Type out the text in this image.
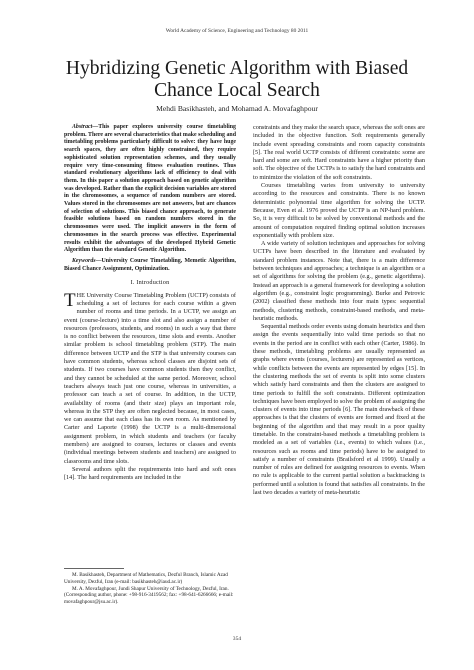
World Academy of Science, Engineering and Technology 80 2011
Hybridizing Genetic Algorithm with Biased
Chance Local Search
Mehdi Basikhasteh, and Mohamad A. Movafaghpour

Abstract—This paper explores university course timetabling problem. There are several characteristics that make scheduling and timetabling problems particularly difficult to solve: they have huge search spaces, they are often highly constrained, they require sophisticated solution representation schemes, and they usually require very time-consuming fitness evaluation routines. Thus standard evolutionary algorithms lack of efficiency to deal with them. In this paper a solution approach based on genetic algorithm was developed. Rather than the explicit decision variables are stored in the chromosomes, a sequence of random numbers are stored. Values stored in the chromosomes are not answers, but are chances of selection of solutions. This biased chance approach, to generate feasible solutions based on random numbers stored in the chromosomes were used. The implicit answers in the form of chromosomes in the search process was effective. Experimental results exhibit the advantages of the developed Hybrid Genetic Algorithm than the standard Genetic Algorithm.

Keywords—University Course Timetabling, Memetic Algorithm, Biased Chance Assignment, Optimization.

I. Introduction

THE University Course Timetabling Problem (UCTP) consists of scheduling a set of lectures for each course within a given number of rooms and time periods. In a UCTP, we assign an event (course-lecture) into a time slot and also assign a number of resources (professors, students, and rooms) in such a way that there is no conflict between the resources, time slots and events. Another similar problem is school timetabling problem (STP). The main difference between UCTP and the STP is that university courses can have common students, whereas school classes are disjoint sets of students. If two courses have common students then they conflict, and they cannot be scheduled at the same period. Moreover, school teachers always teach just one course, whereas in universities, a professor can teach a set of course. In addition, in the UCTP, availability of rooms (and their size) plays an important role, whereas in the STP they are often neglected because, in most cases, we can assume that each class has its own room. As mentioned by Carter and Laporte (1998) the UCTP is a multi-dimensional assignment problem, in which students and teachers (or faculty members) are assigned to courses, lectures or classes and events (individual meetings between students and teachers) are assigned to classrooms and time slots.

Several authors split the requirements into hard and soft ones [14]. The hard requirements are included in the

M. Basikhasteh, Department of Mathematics, Dezful Branch, Islamic Azad University, Dezful, Iran (e-mail: basikhasteh@iaud.ac.ir)

M. A. Movafaghpour, Jundi Shapur University of Technology, Dezful, Iran. (Corresponding author, phone: +98-916-3419562; fax: +98-641-6266666; e-mail: movafaghpour@jsu.ac.ir).

constraints and they make the search space, whereas the soft ones are included in the objective function. Soft requirements generally include event spreading constraints and room capacity constraints [5]. The real world UCTP consists of different constraints: some are hard and some are soft. Hard constraints have a higher priority than soft. The objective of the UCTPs is to satisfy the hard constraints and to minimize the violation of the soft constraints.

Courses timetabling varies from university to university according to the resources and constraints. There is no known deterministic polynomial time algorithm for solving the UCTP. Because, Even et al. 1976 proved the UCTP is an NP-hard problem. So, it is very difficult to be solved by conventional methods and the amount of computation required finding optimal solution increases exponentially with problem size.

A wide variety of solution techniques and approaches for solving UCTPs have been described in the literature and evaluated by standard problem instances. Note that, there is a main difference between techniques and approaches; a technique is an algorithm or a set of algorithms for solving the problem (e.g., genetic algorithms). Instead an approach is a general framework for developing a solution algorithm (e.g., constraint logic programming). Burke and Petrovic (2002) classified these methods into four main types: sequential methods, clustering methods, constraint-based methods, and meta-heuristic methods.

Sequential methods order events using domain heuristics and then assign the events sequentially into valid time periods so that no events in the period are in conflict with each other (Carter, 1986). In these methods, timetabling problems are usually represented as graphs where events (courses, lecturers) are represented as vertices, while conflicts between the events are represented by edges [15]. In the clustering methods the set of events is split into some clusters which satisfy hard constraints and then the clusters are assigned to time periods to fulfill the soft constraints. Different optimization techniques have been employed to solve the problem of assigning the clusters of events into time periods [6]. The main drawback of these approaches is that the clusters of events are formed and fixed at the beginning of the algorithm and that may result in a poor quality timetable. In the constraint-based methods a timetabling problem is modeled as a set of variables (i.e., events) to which values (i.e., resources such as rooms and time periods) have to be assigned to satisfy a number of constraints (Brailsford et al 1999). Usually a number of rules are defined for assigning resources to events. When no rule is applicable to the current partial solution a backtracking is performed until a solution is found that satisfies all constraints. In the last two decades a variety of meta-heuristic

354
